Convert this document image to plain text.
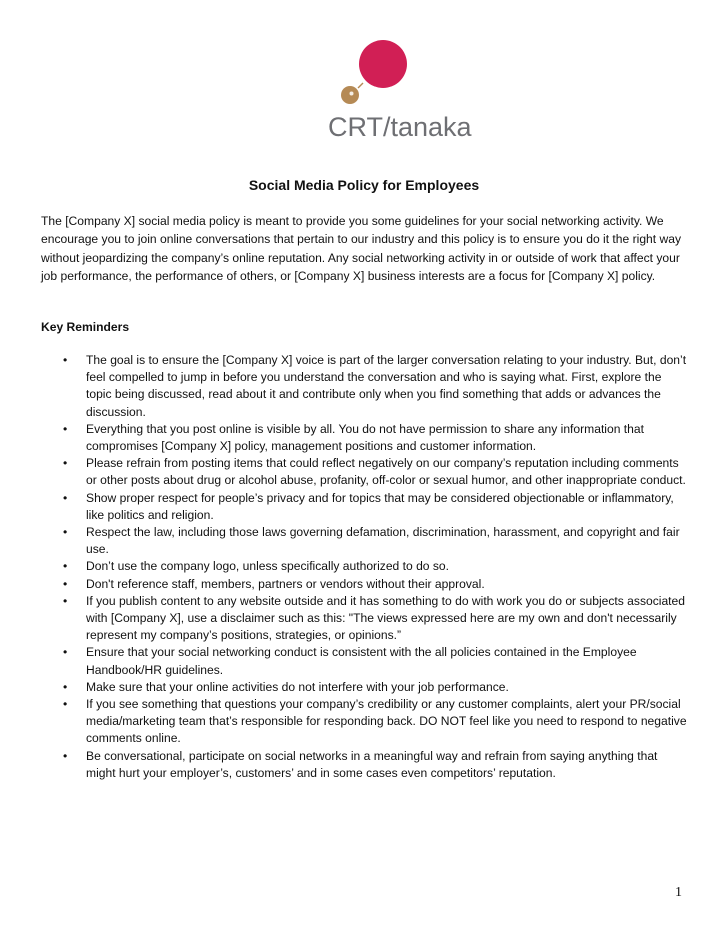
CRT/tanaka
Social Media Policy for Employees

The [Company X] social media policy is meant to provide you some guidelines for your social networking activity. We encourage you to join online conversations that pertain to our industry and this policy is to ensure you do it the right way without jeopardizing the company’s online reputation. Any social networking activity in or outside of work that affect your job performance, the performance of others, or [Company X] business interests are a focus for [Company X] policy.

Key Reminders
• The goal is to ensure the [Company X] voice is part of the larger conversation relating to your industry. But, don’t feel compelled to jump in before you understand the conversation and who is saying what. First, explore the topic being discussed, read about it and contribute only when you find something that adds or advances the discussion.
• Everything that you post online is visible by all. You do not have permission to share any information that compromises [Company X] policy, management positions and customer information.
• Please refrain from posting items that could reflect negatively on our company’s reputation including comments or other posts about drug or alcohol abuse, profanity, off-color or sexual humor, and other inappropriate conduct.
• Show proper respect for people’s privacy and for topics that may be considered objectionable or inflammatory, like politics and religion.
• Respect the law, including those laws governing defamation, discrimination, harassment, and copyright and fair use.
• Don’t use the company logo, unless specifically authorized to do so.
• Don't reference staff, members, partners or vendors without their approval.
• If you publish content to any website outside and it has something to do with work you do or subjects associated with [Company X], use a disclaimer such as this: "The views expressed here are my own and don't necessarily represent my company’s positions, strategies, or opinions.”
• Ensure that your social networking conduct is consistent with the all policies contained in the Employee Handbook/HR guidelines.
• Make sure that your online activities do not interfere with your job performance.
• If you see something that questions your company’s credibility or any customer complaints, alert your PR/social media/marketing team that’s responsible for responding back. DO NOT feel like you need to respond to negative comments online.
• Be conversational, participate on social networks in a meaningful way and refrain from saying anything that might hurt your employer’s, customers’ and in some cases even competitors’ reputation.
1
